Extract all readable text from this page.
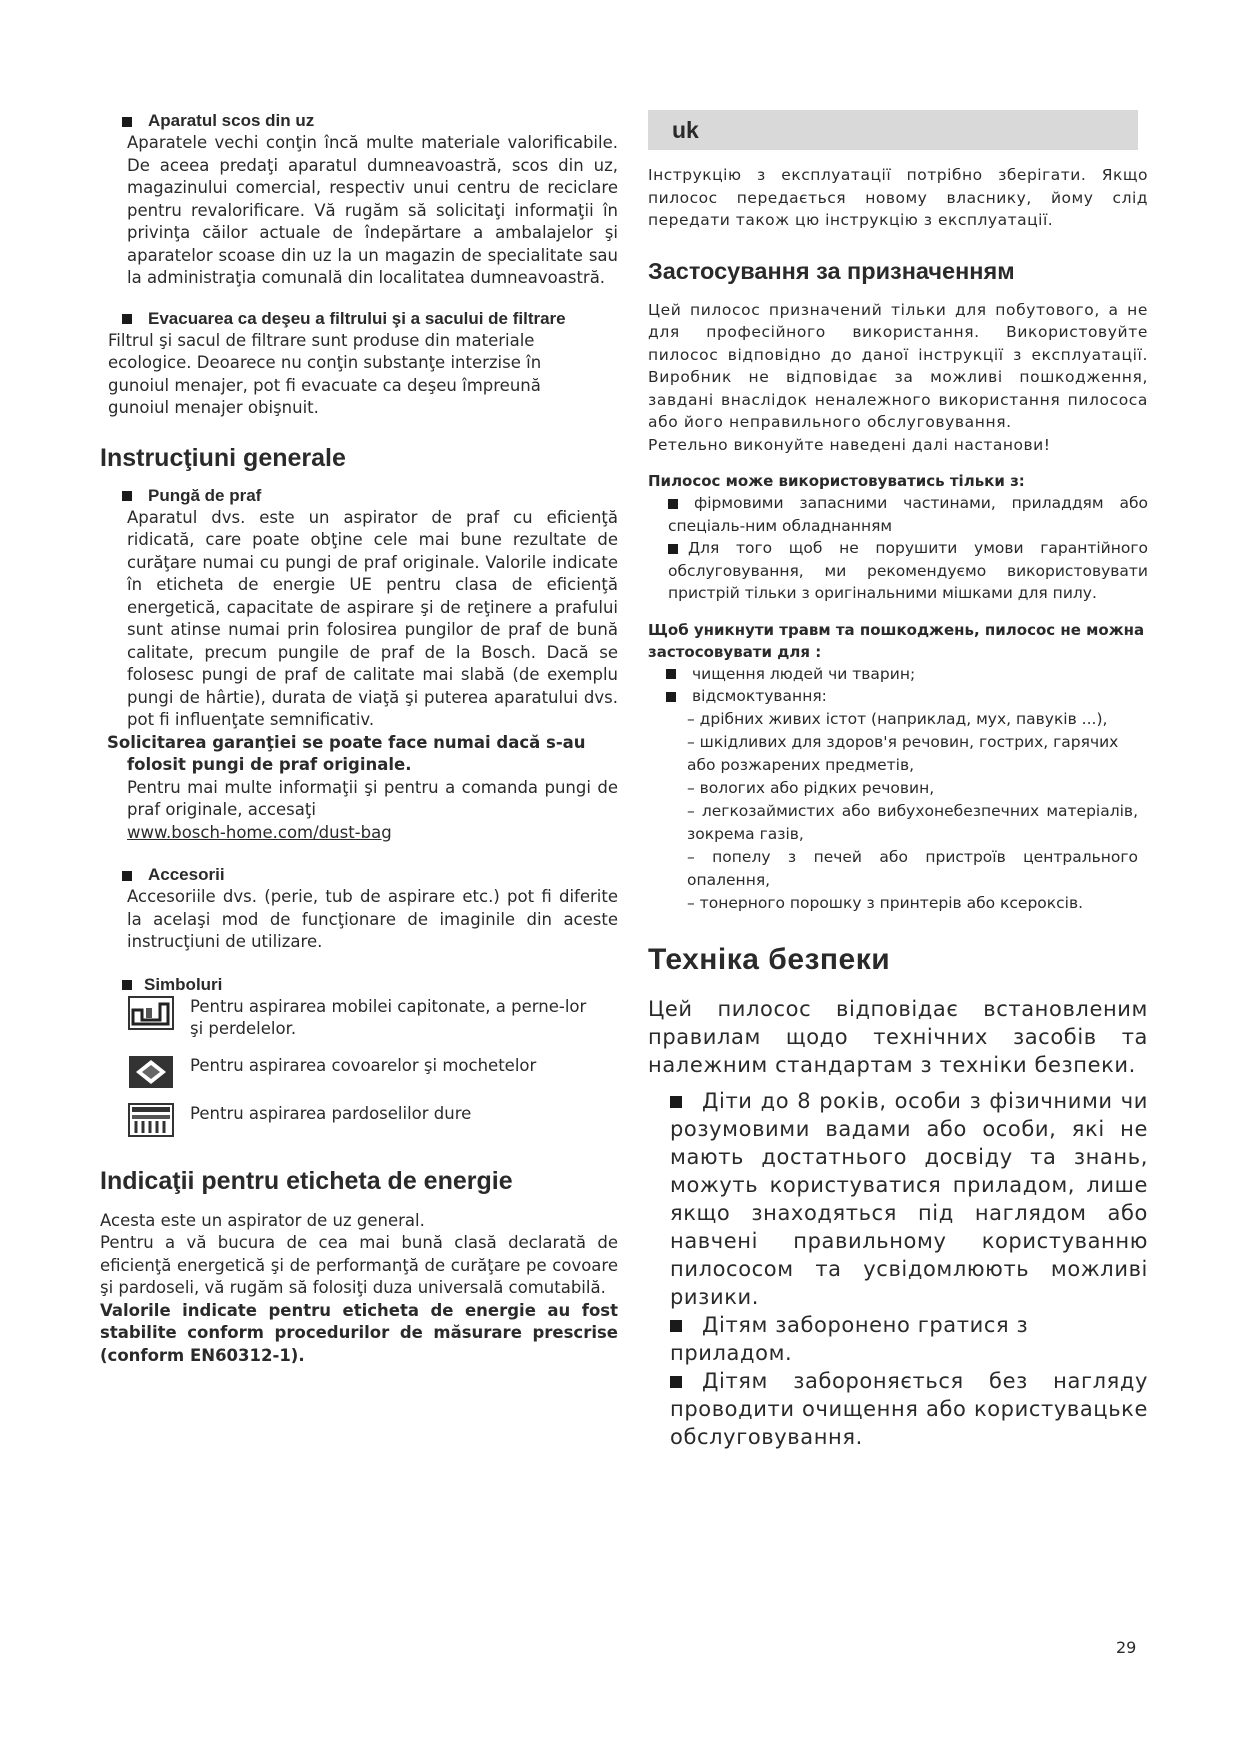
Aparatul scos din uz

Aparatele vechi conţin încă multe materiale valorificabile. De aceea predaţi aparatul dumneavoastră, scos din uz, magazinului comercial, respectiv unui centru de reciclare pentru revalorificare. Vă rugăm să solicitaţi informaţii în privinţa căilor actuale de îndepărtare a ambalajelor şi aparatelor scoase din uz la un magazin de specialitate sau la administraţia comunală din localitatea dumneavoastră.

Evacuarea ca deşeu a filtrului şi a sacului de filtrare

Filtrul şi sacul de filtrare sunt produse din materiale ecologice. Deoarece nu conţin substanţe interzise în gunoiul menajer, pot fi evacuate ca deşeu împreună gunoiul menajer obişnuit.

Instrucţiuni generale
Pungă de praf

Aparatul dvs. este un aspirator de praf cu eficienţă ridicată, care poate obţine cele mai bune rezultate de curăţare numai cu pungi de praf originale. Valorile indicate în eticheta de energie UE pentru clasa de eficienţă energetică, capacitate de aspirare şi de reţinere a prafului sunt atinse numai prin folosirea pungilor de praf de bună calitate, precum pungile de praf de la Bosch. Dacă se folosesc pungi de praf de calitate mai slabă (de exemplu pungi de hârtie), durata de viaţă şi puterea aparatului dvs. pot fi influenţate semnificativ.

Solicitarea garanţiei se poate face numai dacă s-au folosit pungi de praf originale.

Pentru mai multe informaţii şi pentru a comanda pungi de praf originale, accesaţi

www.bosch-home.com/dust-bag

Accesorii

Accesoriile dvs. (perie, tub de aspirare etc.) pot fi diferite la acelaşi mod de funcţionare de imaginile din aceste instrucţiuni de utilizare.

Simboluri

Pentru aspirarea mobilei capitonate, a perne-lor şi perdelelor.

Pentru aspirarea covoarelor şi mochetelor

Pentru aspirarea pardoselilor dure

Indicaţii pentru eticheta de energie

Acesta este un aspirator de uz general.

Pentru a vă bucura de cea mai bună clasă declarată de eficienţă energetică şi de performanţă de curăţare pe covoare şi pardoseli, vă rugăm să folosiţi duza universală comutabilă.

Valorile indicate pentru eticheta de energie au fost stabilite conform procedurilor de măsurare prescrise (conform EN60312-1).

uk

Інструкцію з експлуатації потрібно зберігати. Якщо пилосос передається новому власнику, йому слід передати також цю інструкцію з експлуатації.

Застосування за призначенням

Цей пилосос призначений тільки для побутового, а не для професійного використання. Використовуйте пилосос відповідно до даної інструкції з експлуатації. Виробник не відповідає за можливі пошкодження, завдані внаслідок неналежного використання пилососа або його неправильного обслуговування.

Ретельно виконуйте наведені далі настанови!

Пилосос може використовуватись тільки з:

фірмовими запасними частинами, приладдям або спеціаль-ним обладнанням

Для того щоб не порушити умови гарантійного обслуговування, ми рекомендуємо використовувати пристрій тільки з оригінальними мішками для пилу.

Щоб уникнути травм та пошкоджень, пилосос не можна застосовувати для :

чищення людей чи тварин;

відсмоктування:

– дрібних живих істот (наприклад, мух, павуків ...),

– шкідливих для здоров'я речовин, гострих, гарячих або розжарених предметів,

– вологих або рідких речовин,

– легкозаймистих або вибухонебезпечних матеріалів, зокрема газів,

– попелу з печей або пристроїв центрального опалення,

– тонерного порошку з принтерів або ксероксів.

Техніка безпеки

Цей пилосос відповідає встановленим правилам щодо технічних засобів та належним стандартам з техніки безпеки.

Діти до 8 років, особи з фізичними чи розумовими вадами або особи, які не мають достатнього досвіду та знань, можуть користуватися приладом, лише якщо знаходяться під наглядом або навчені правильному користуванню пилососом та усвідомлюють можливі ризики.

Дітям заборонено гратися з приладом.

Дітям забороняється без нагляду проводити очищення або користувацьке обслуговування.

29
